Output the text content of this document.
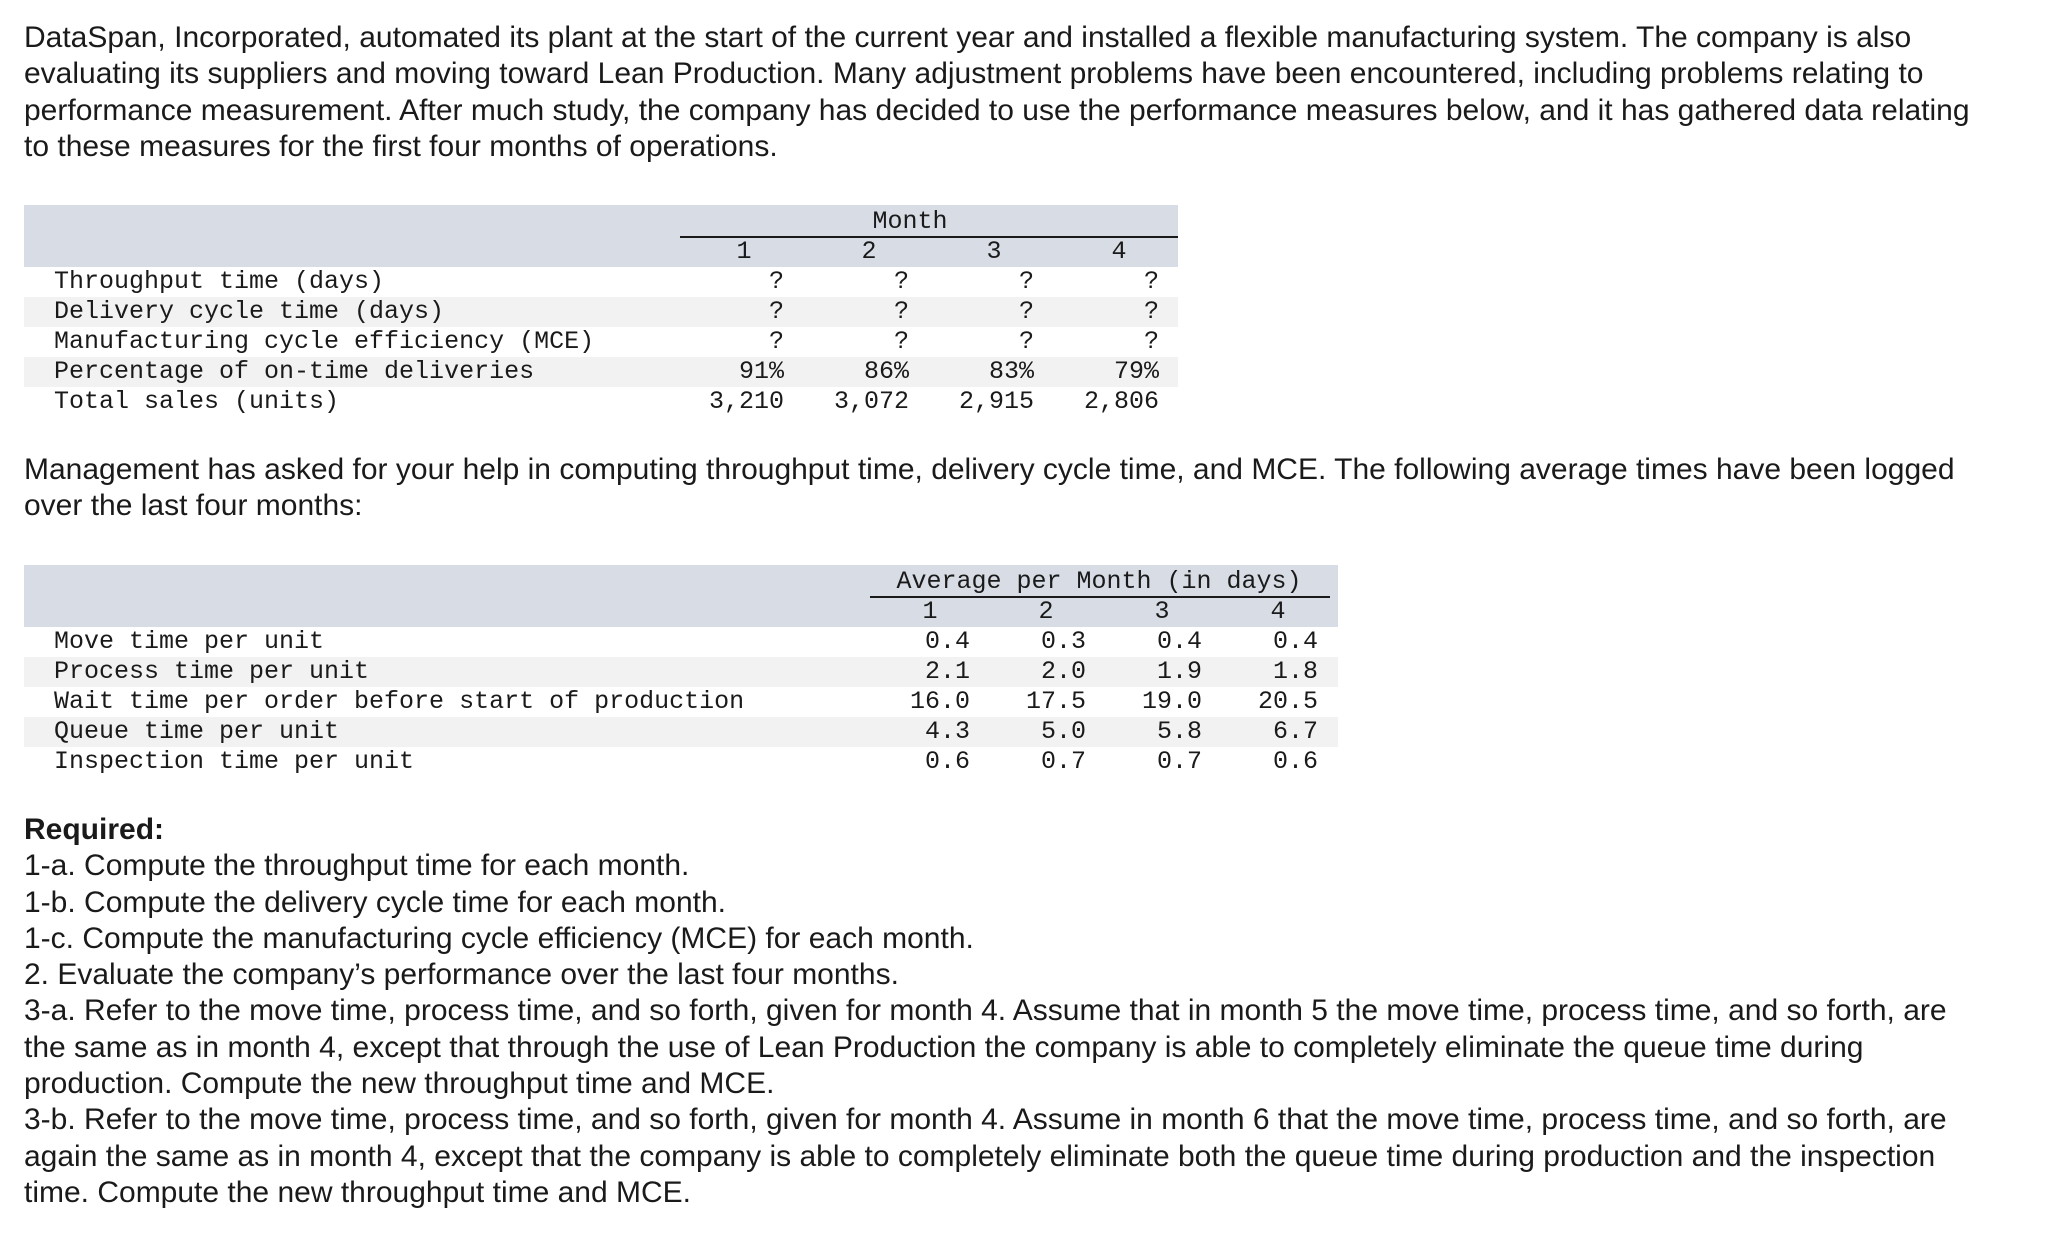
DataSpan, Incorporated, automated its plant at the start of the current year and installed a flexible manufacturing system. The company is also evaluating its suppliers and moving toward Lean Production. Many adjustment problems have been encountered, including problems relating to performance measurement. After much study, the company has decided to use the performance measures below, and it has gathered data relating to these measures for the first four months of operations.

Month
1	2	3	4
Throughput time (days)	?	?	?	?
Delivery cycle time (days)	?	?	?	?
Manufacturing cycle efficiency (MCE)	?	?	?	?
Percentage of on-time deliveries	91%	86%	83%	79%
Total sales (units)	3,210	3,072	2,915	2,806

Management has asked for your help in computing throughput time, delivery cycle time, and MCE. The following average times have been logged over the last four months:

Average per Month (in days)
1	2	3	4
Move time per unit	0.4	0.3	0.4	0.4
Process time per unit	2.1	2.0	1.9	1.8
Wait time per order before start of production	16.0	17.5	19.0	20.5
Queue time per unit	4.3	5.0	5.8	6.7
Inspection time per unit	0.6	0.7	0.7	0.6
Required:
1-a. Compute the throughput time for each month.
1-b. Compute the delivery cycle time for each month.
1-c. Compute the manufacturing cycle efficiency (MCE) for each month.
2. Evaluate the company’s performance over the last four months.
3-a. Refer to the move time, process time, and so forth, given for month 4. Assume that in month 5 the move time, process time, and so forth, are the same as in month 4, except that through the use of Lean Production the company is able to completely eliminate the queue time during production. Compute the new throughput time and MCE.
3-b. Refer to the move time, process time, and so forth, given for month 4. Assume in month 6 that the move time, process time, and so forth, are again the same as in month 4, except that the company is able to completely eliminate both the queue time during production and the inspection time. Compute the new throughput time and MCE.
